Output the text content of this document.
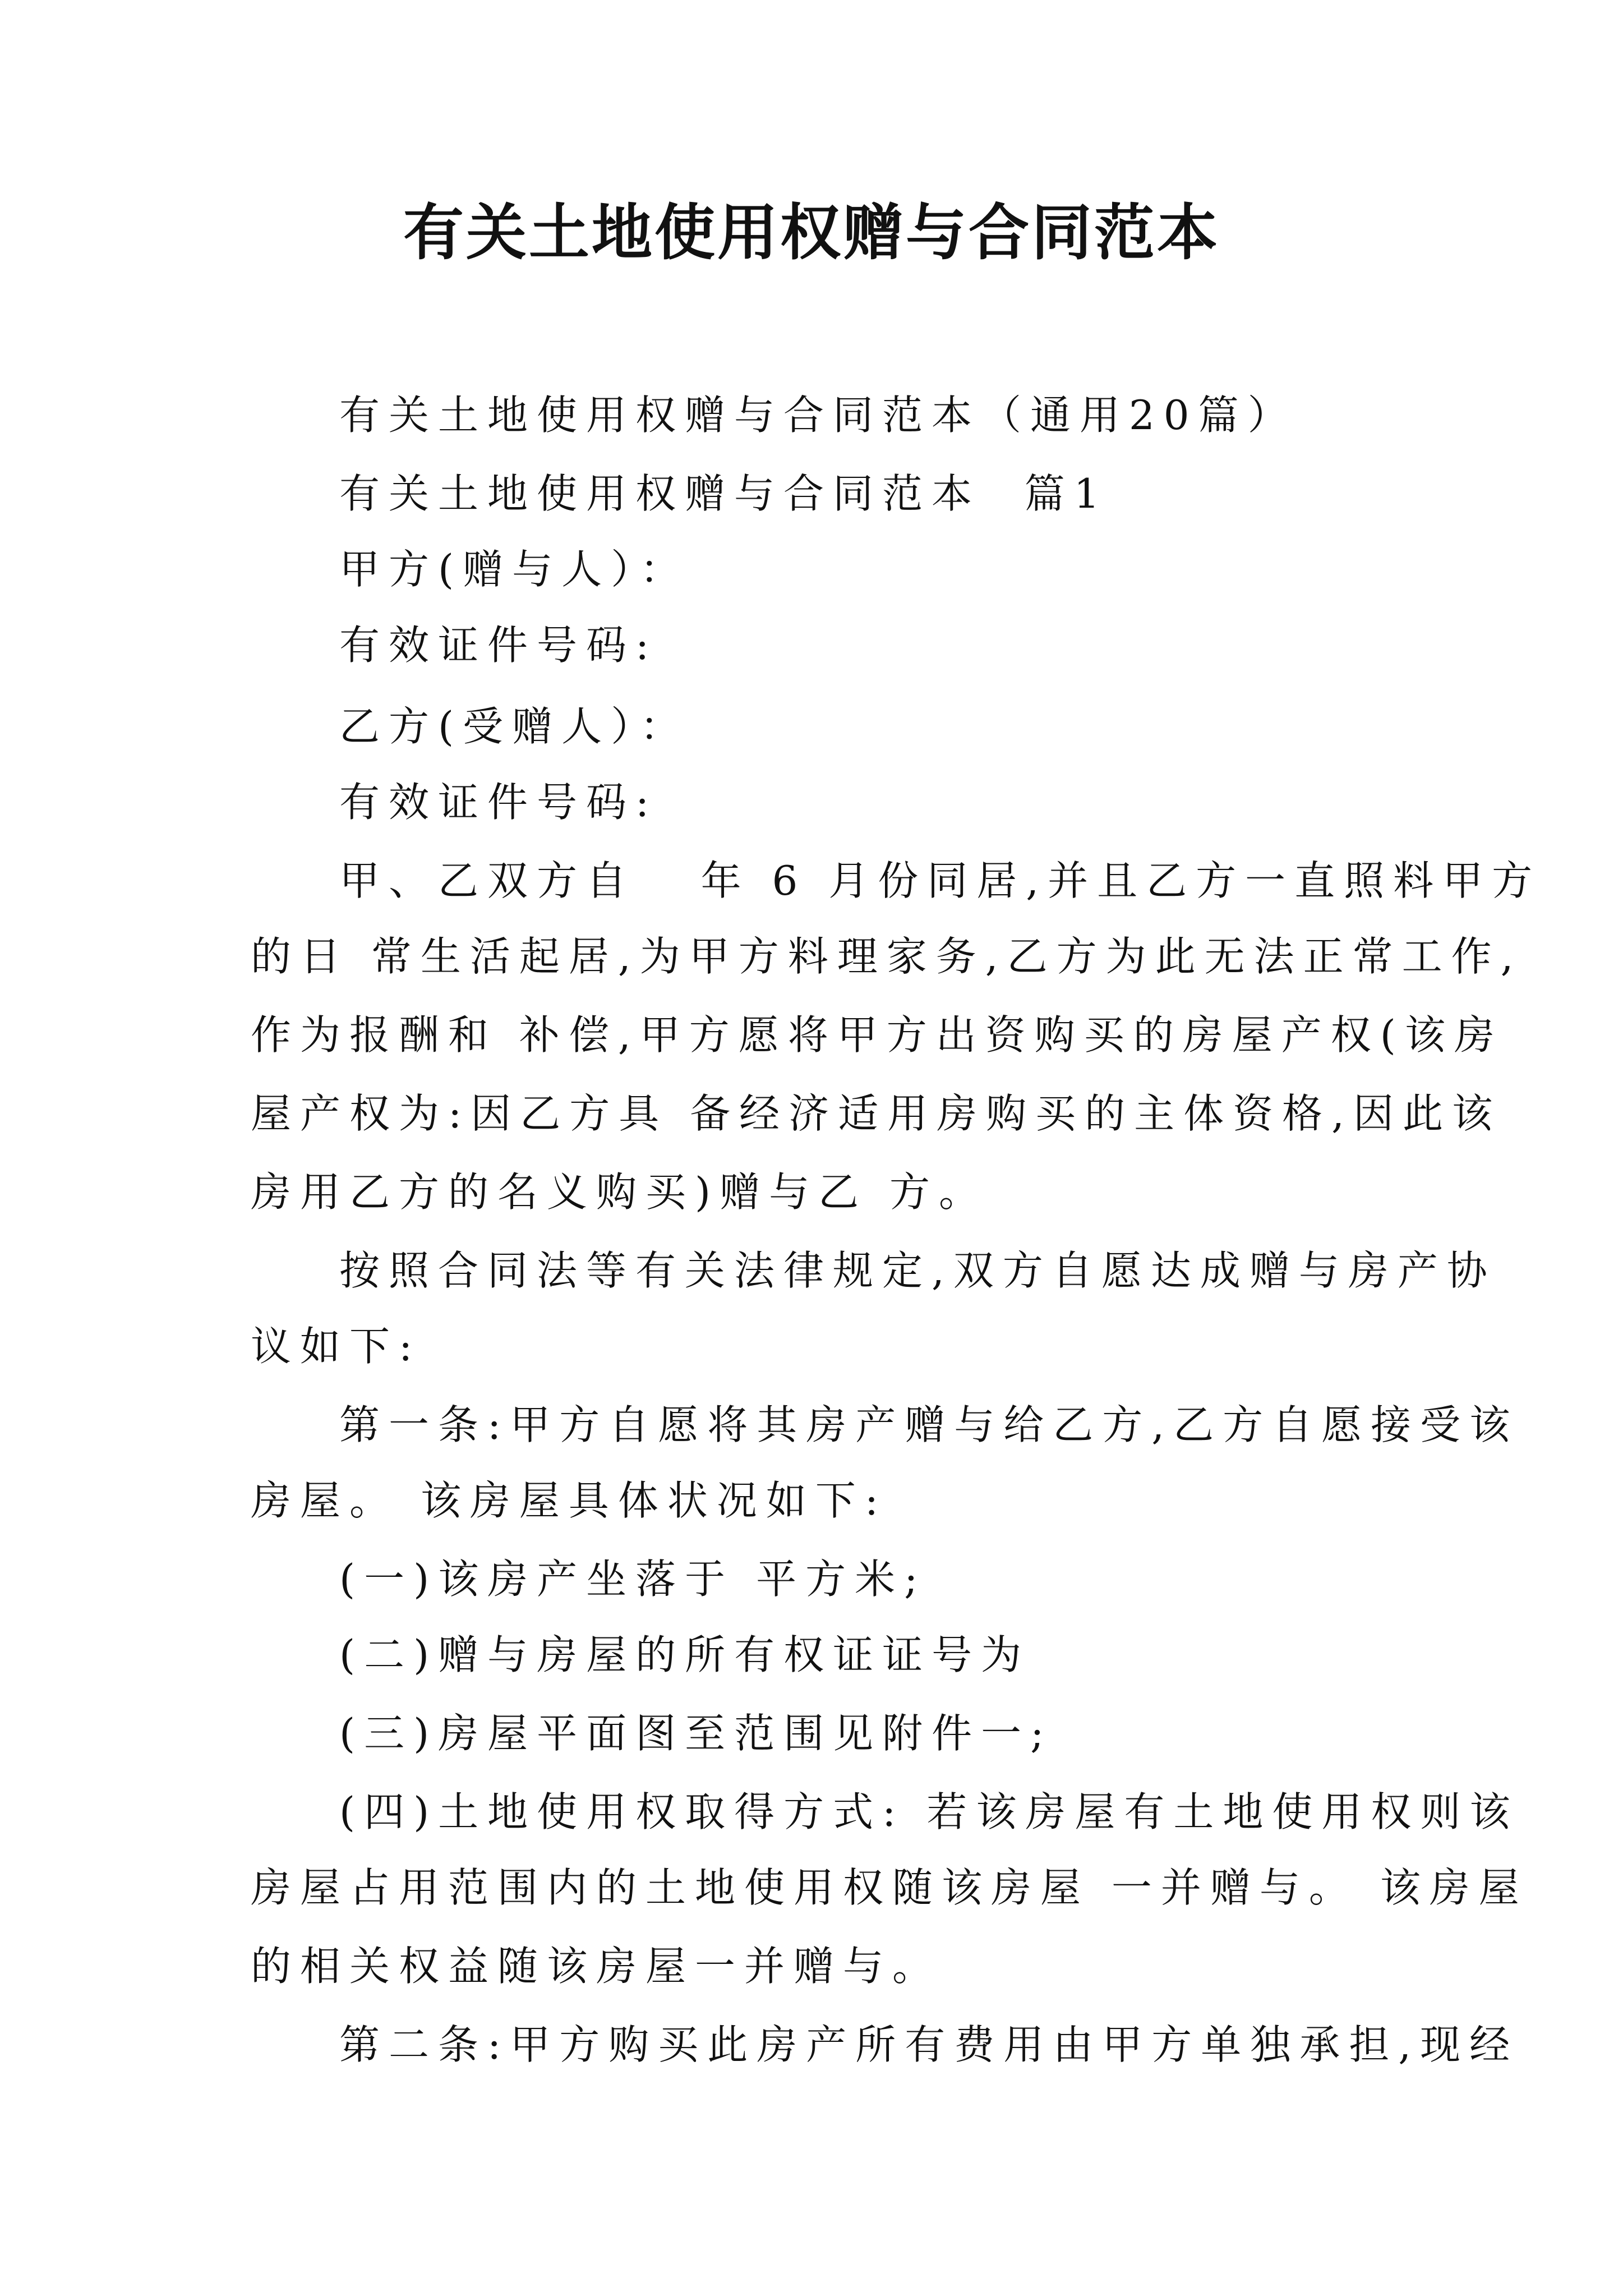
有关土地使用权赠与合同范本
有关土地使用权赠与合同范本（通用20篇）
有关土地使用权赠与合同范本  篇1
甲方(赠与人）：
有效证件号码:
乙方(受赠人）：
有效证件号码:
甲、乙双方自   年 6 月份同居,并且乙方一直照料甲方
的日 常生活起居,为甲方料理家务,乙方为此无法正常工作,
作为报酬和 补偿,甲方愿将甲方出资购买的房屋产权(该房
屋产权为:因乙方具 备经济适用房购买的主体资格,因此该
房用乙方的名义购买)赠与乙 方。
按照合同法等有关法律规定,双方自愿达成赠与房产协
议如下:
第一条:甲方自愿将其房产赠与给乙方,乙方自愿接受该
房屋。 该房屋具体状况如下:
(一)该房产坐落于 平方米;
(二)赠与房屋的所有权证证号为
(三)房屋平面图至范围见附件一;
(四)土地使用权取得方式: 若该房屋有土地使用权则该
房屋占用范围内的土地使用权随该房屋 一并赠与。 该房屋
的相关权益随该房屋一并赠与。
第二条:甲方购买此房产所有费用由甲方单独承担,现经
